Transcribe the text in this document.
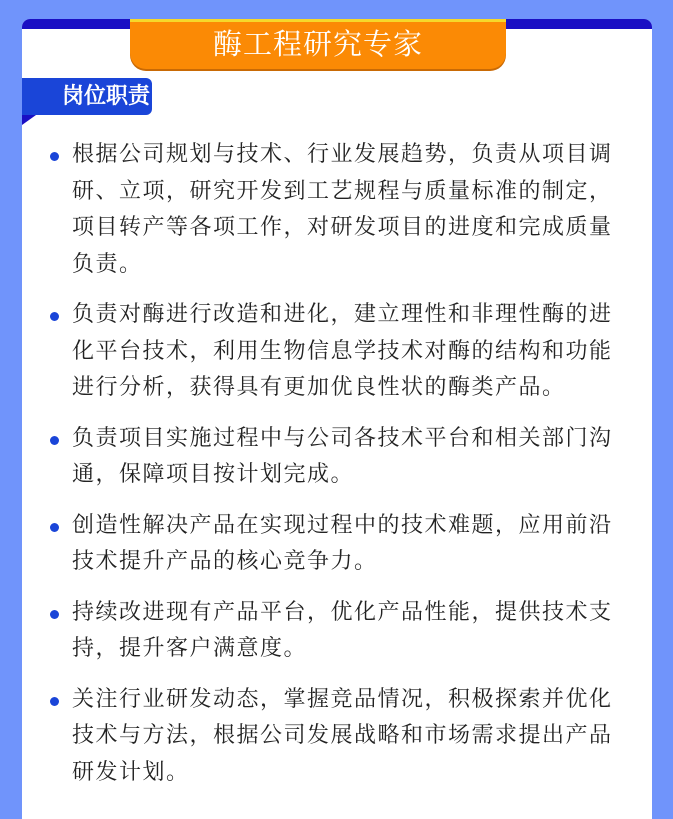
酶工程研究专家
岗位职责
根据公司规划与技术、行业发展趋势，负责从项目调研、立项，研究开发到工艺规程与质量标准的制定，项目转产等各项工作，对研发项目的进度和完成质量负责。
负责对酶进行改造和进化，建立理性和非理性酶的进化平台技术，利用生物信息学技术对酶的结构和功能进行分析，获得具有更加优良性状的酶类产品。
负责项目实施过程中与公司各技术平台和相关部门沟通，保障项目按计划完成。
创造性解决产品在实现过程中的技术难题，应用前沿技术提升产品的核心竞争力。
持续改进现有产品平台，优化产品性能，提供技术支持，提升客户满意度。
关注行业研发动态，掌握竞品情况，积极探索并优化技术与方法，根据公司发展战略和市场需求提出产品研发计划。
